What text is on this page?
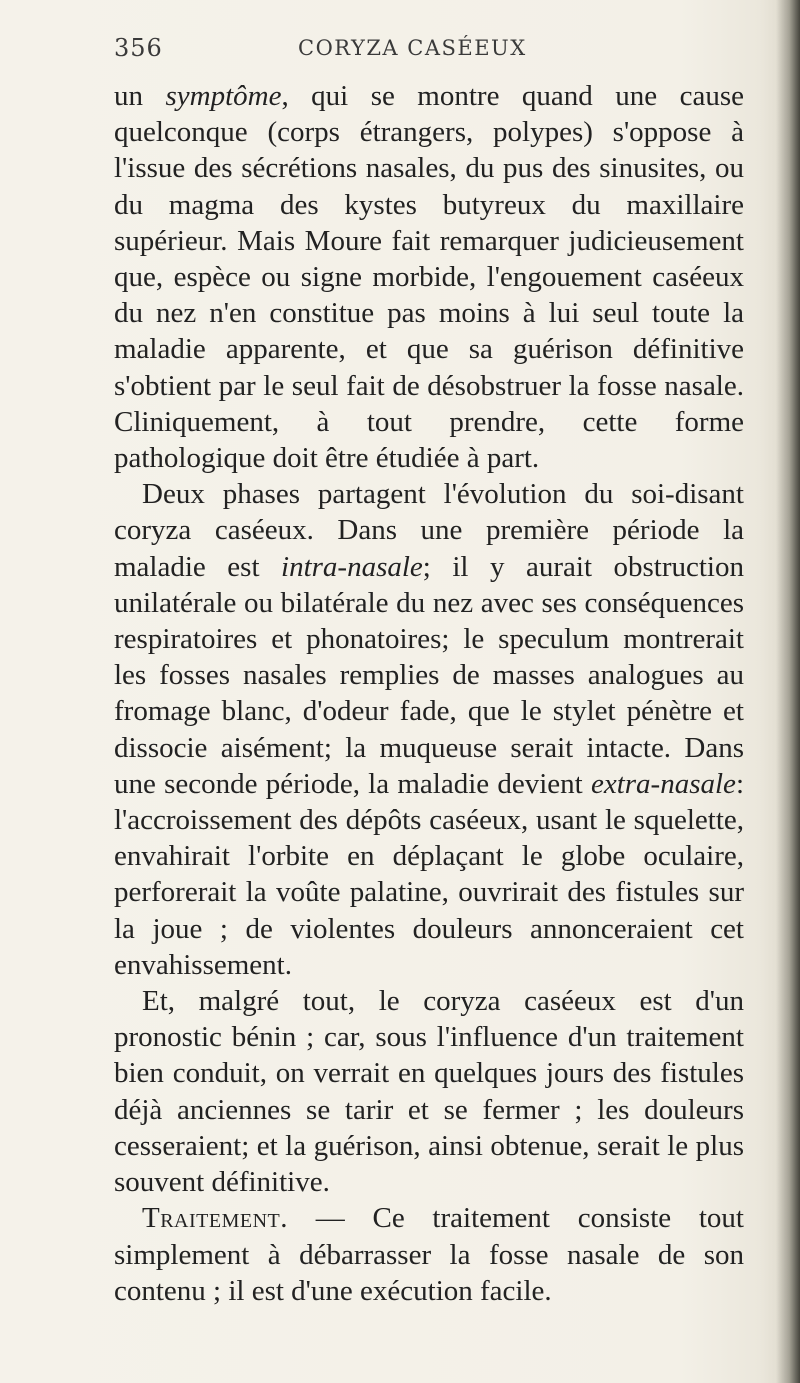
356	CORYZA CASÉEUX

un symptôme, qui se montre quand une cause quelconque (corps étrangers, polypes) s'oppose à l'issue des sécrétions nasales, du pus des sinusites, ou du magma des kystes butyreux du maxillaire supérieur. Mais Moure fait remarquer judicieusement que, espèce ou signe morbide, l'engouement caséeux du nez n'en constitue pas moins à lui seul toute la maladie apparente, et que sa guérison définitive s'obtient par le seul fait de désobstruer la fosse nasale. Cliniquement, à tout prendre, cette forme pathologique doit être étudiée à part.

Deux phases partagent l'évolution du soi-disant coryza caséeux. Dans une première période la maladie est intra-nasale; il y aurait obstruction unilatérale ou bilatérale du nez avec ses conséquences respiratoires et phonatoires; le speculum montrerait les fosses nasales remplies de masses analogues au fromage blanc, d'odeur fade, que le stylet pénètre et dissocie aisément; la muqueuse serait intacte. Dans une seconde période, la maladie devient extra-nasale: l'accroissement des dépôts caséeux, usant le squelette, envahirait l'orbite en déplaçant le globe oculaire, perforerait la voûte palatine, ouvrirait des fistules sur la joue ; de violentes douleurs annonceraient cet envahissement.

Et, malgré tout, le coryza caséeux est d'un pronostic bénin ; car, sous l'influence d'un traitement bien conduit, on verrait en quelques jours des fistules déjà anciennes se tarir et se fermer ; les douleurs cesseraient; et la guérison, ainsi obtenue, serait le plus souvent définitive.

Traitement. — Ce traitement consiste tout simplement à débarrasser la fosse nasale de son contenu ; il est d'une exécution facile.
